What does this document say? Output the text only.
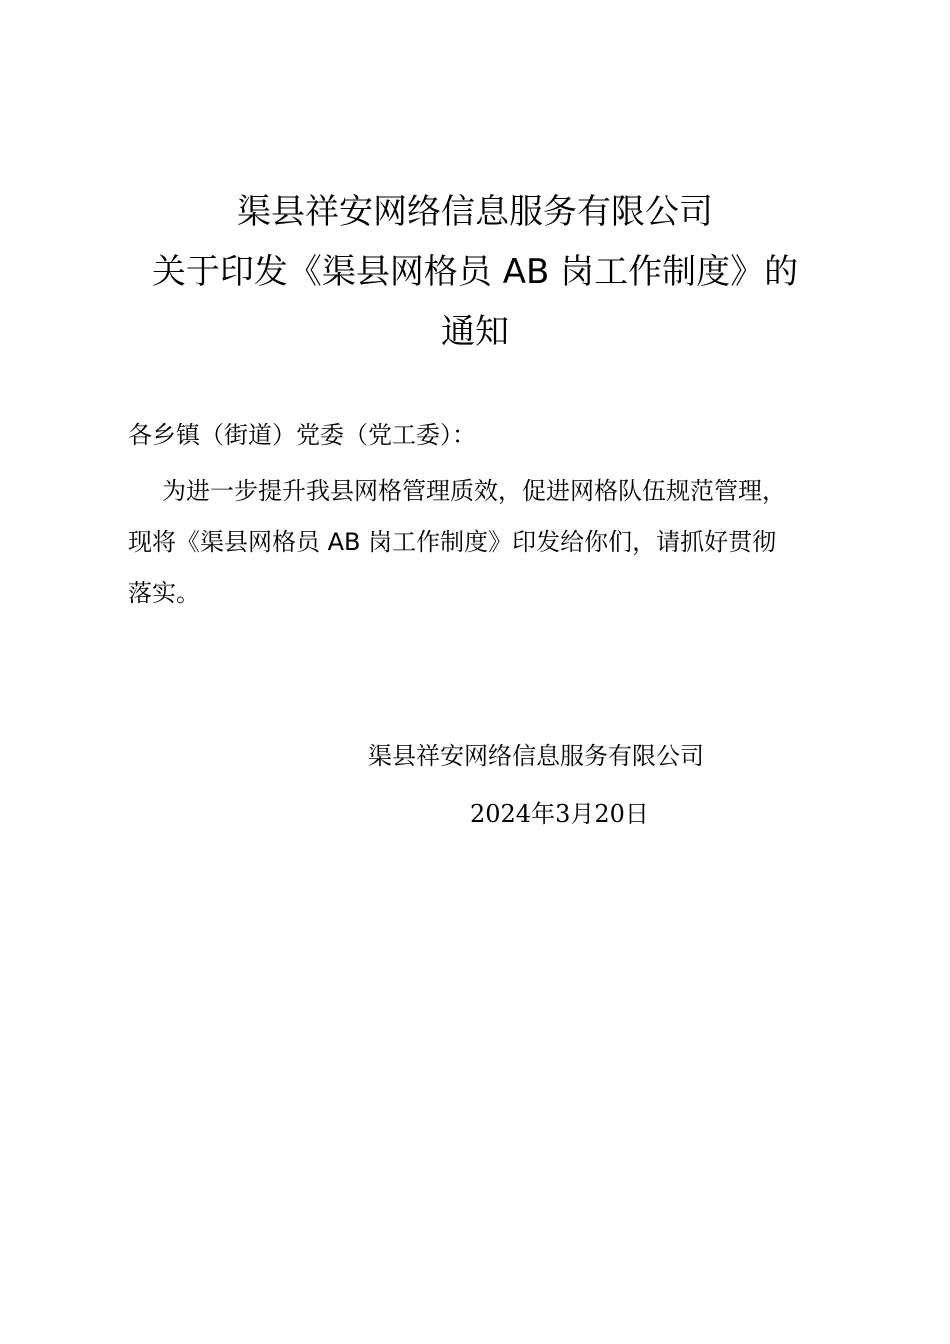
渠县祥安网络信息服务有限公司
关于印发《渠县网格员 AB 岗工作制度》的
通知
各乡镇（街道）党委（党工委）：
为进一步提升我县网格管理质效，促进网格队伍规范管理，
现将《渠县网格员 AB 岗工作制度》印发给你们，请抓好贯彻
落实。
渠县祥安网络信息服务有限公司
2024年3月20日
